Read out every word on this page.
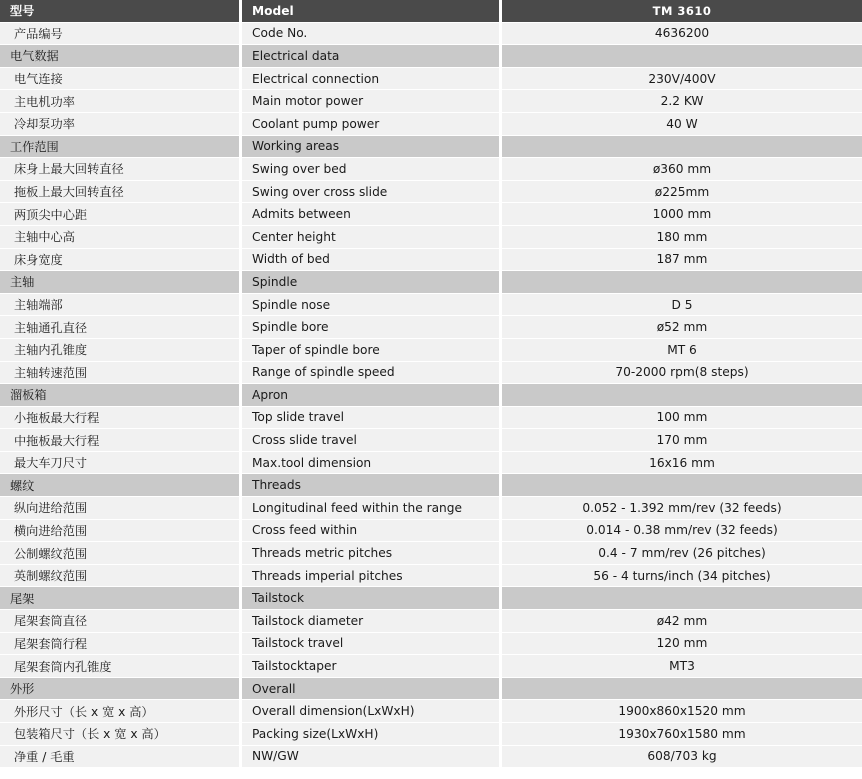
型号	Model	TM 3610
产品编号	Code No.	4636200
电气数据	Electrical data
电气连接	Electrical connection	230V/400V
主电机功率	Main motor power	2.2 KW
冷却泵功率	Coolant pump power	40 W
工作范围	Working areas
床身上最大回转直径	Swing over bed	ø360 mm
拖板上最大回转直径	Swing over cross slide	ø225mm
两顶尖中心距	Admits between	1000 mm
主轴中心高	Center height	180 mm
床身宽度	Width of bed	187 mm
主轴	Spindle
主轴端部	Spindle nose	D 5
主轴通孔直径	Spindle bore	ø52 mm
主轴内孔锥度	Taper of spindle bore	MT 6
主轴转速范围	Range of spindle speed	70-2000 rpm(8 steps)
溜板箱	Apron
小拖板最大行程	Top slide travel	100 mm
中拖板最大行程	Cross slide travel	170 mm
最大车刀尺寸	Max.tool dimension	16x16 mm
螺纹	Threads
纵向进给范围	Longitudinal feed within the range	0.052 - 1.392 mm/rev (32 feeds)
横向进给范围	Cross feed within	0.014 - 0.38 mm/rev (32 feeds)
公制螺纹范围	Threads metric pitches	0.4 - 7 mm/rev (26 pitches)
英制螺纹范围	Threads imperial pitches	56 - 4 turns/inch (34 pitches)
尾架	Tailstock
尾架套筒直径	Tailstock diameter	ø42 mm
尾架套筒行程	Tailstock travel	120 mm
尾架套筒内孔锥度	Tailstocktaper	MT3
外形	Overall
外形尺寸（长 x 宽 x 高）	Overall dimension(LxWxH)	1900x860x1520 mm
包装箱尺寸（长 x 宽 x 高）	Packing size(LxWxH)	1930x760x1580 mm
净重 / 毛重	NW/GW	608/703 kg
